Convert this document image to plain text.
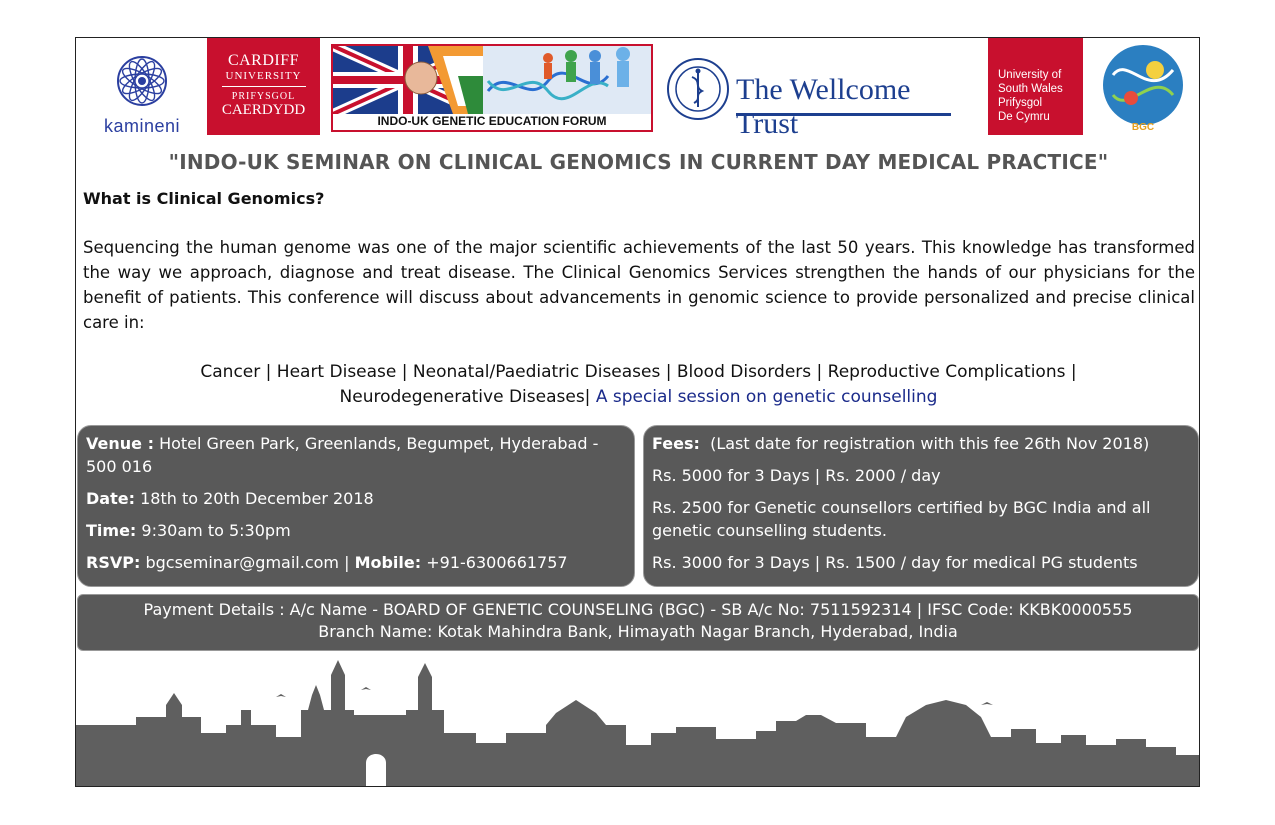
kamineni
CARDIFF
UNIVERSITY
PRIFYSGOL
CAERDYDD
INDO-UK GENETIC EDUCATION FORUM
The Wellcome Trust
University of
South Wales
Prifysgol
De Cymru
BGC
"INDO-UK SEMINAR ON CLINICAL GENOMICS IN CURRENT DAY MEDICAL PRACTICE"
What is Clinical Genomics?
Sequencing the human genome was one of the major scientific achievements of the last 50 years. This knowledge has transformed the way we approach, diagnose and treat disease. The Clinical Genomics Services strengthen the hands of our physicians for the benefit of patients. This conference will discuss about advancements in genomic science to provide personalized and precise clinical care in:
Cancer | Heart Disease | Neonatal/Paediatric Diseases | Blood Disorders | Reproductive Complications |
Neurodegenerative Diseases| A special session on genetic counselling

Venue : Hotel Green Park, Greenlands, Begumpet, Hyderabad - 500 016

Date: 18th to 20th December 2018

Time: 9:30am to 5:30pm

RSVP: bgcseminar@gmail.com | Mobile: +91-6300661757

Fees: (Last date for registration with this fee 26th Nov 2018)

Rs. 5000 for 3 Days | Rs. 2000 / day

Rs. 2500 for Genetic counsellors certified by BGC India and all genetic counselling students.

Rs. 3000 for 3 Days | Rs. 1500 / day for medical PG students

Payment Details : A/c Name - BOARD OF GENETIC COUNSELING (BGC) - SB A/c No: 7511592314 | IFSC Code: KKBK0000555
Branch Name: Kotak Mahindra Bank, Himayath Nagar Branch, Hyderabad, India
